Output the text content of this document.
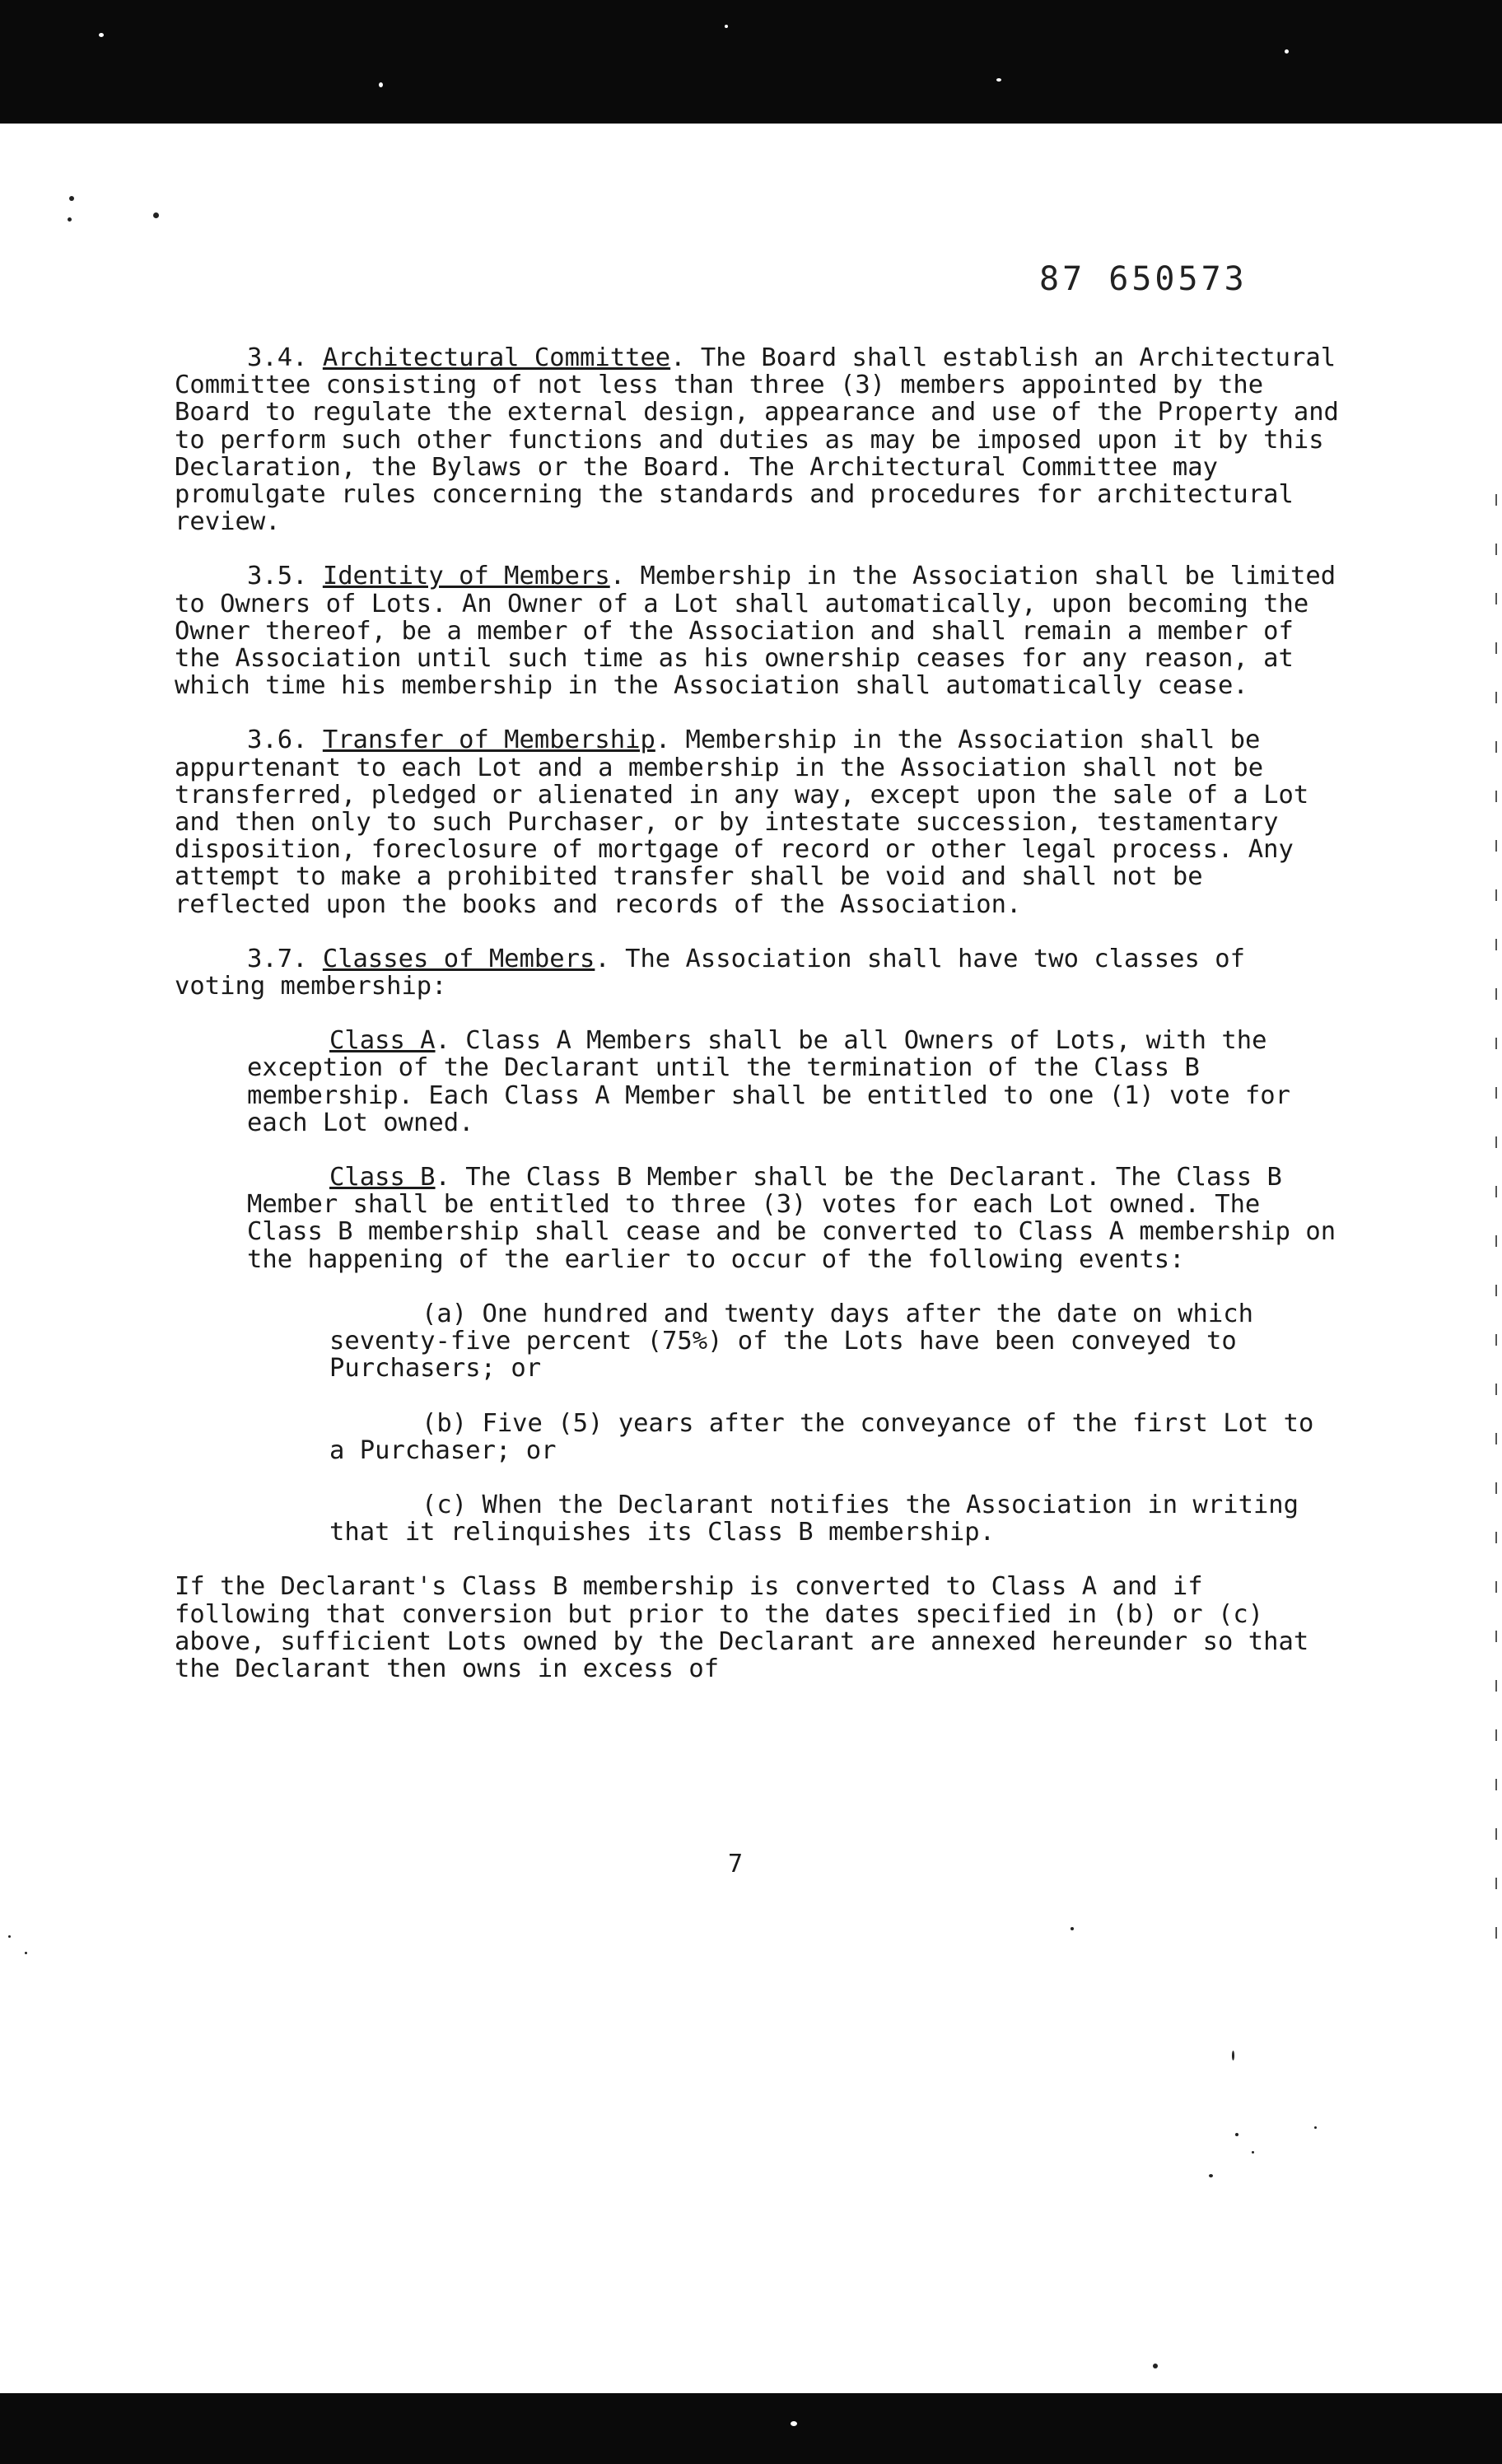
87 650573

3.4. Architectural Committee. The Board shall establish an Architectural Committee consisting of not less than three (3) members appointed by the Board to regulate the external design, appearance and use of the Property and to perform such other functions and duties as may be imposed upon it by this Declaration, the Bylaws or the Board. The Architectural Committee may promulgate rules concerning the standards and procedures for architectural review.

3.5. Identity of Members. Membership in the Association shall be limited to Owners of Lots. An Owner of a Lot shall automatically, upon becoming the Owner thereof, be a member of the Association and shall remain a member of the Association until such time as his ownership ceases for any reason, at which time his membership in the Association shall automatically cease.

3.6. Transfer of Membership. Membership in the Association shall be appurtenant to each Lot and a membership in the Association shall not be transferred, pledged or alienated in any way, except upon the sale of a Lot and then only to such Purchaser, or by intestate succession, testamentary disposition, foreclosure of mortgage of record or other legal process. Any attempt to make a prohibited transfer shall be void and shall not be reflected upon the books and records of the Association.

3.7. Classes of Members. The Association shall have two classes of voting membership:

Class A. Class A Members shall be all Owners of Lots, with the exception of the Declarant until the termination of the Class B membership. Each Class A Member shall be entitled to one (1) vote for each Lot owned.

Class B. The Class B Member shall be the Declarant. The Class B Member shall be entitled to three (3) votes for each Lot owned. The Class B membership shall cease and be converted to Class A membership on the happening of the earlier to occur of the following events:

(a) One hundred and twenty days after the date on which seventy-five percent (75%) of the Lots have been conveyed to Purchasers; or

(b) Five (5) years after the conveyance of the first Lot to a Purchaser; or

(c) When the Declarant notifies the Association in writing that it relinquishes its Class B membership.

If the Declarant's Class B membership is converted to Class A and if following that conversion but prior to the dates specified in (b) or (c) above, sufficient Lots owned by the Declarant are annexed hereunder so that the Declarant then owns in excess of

7
